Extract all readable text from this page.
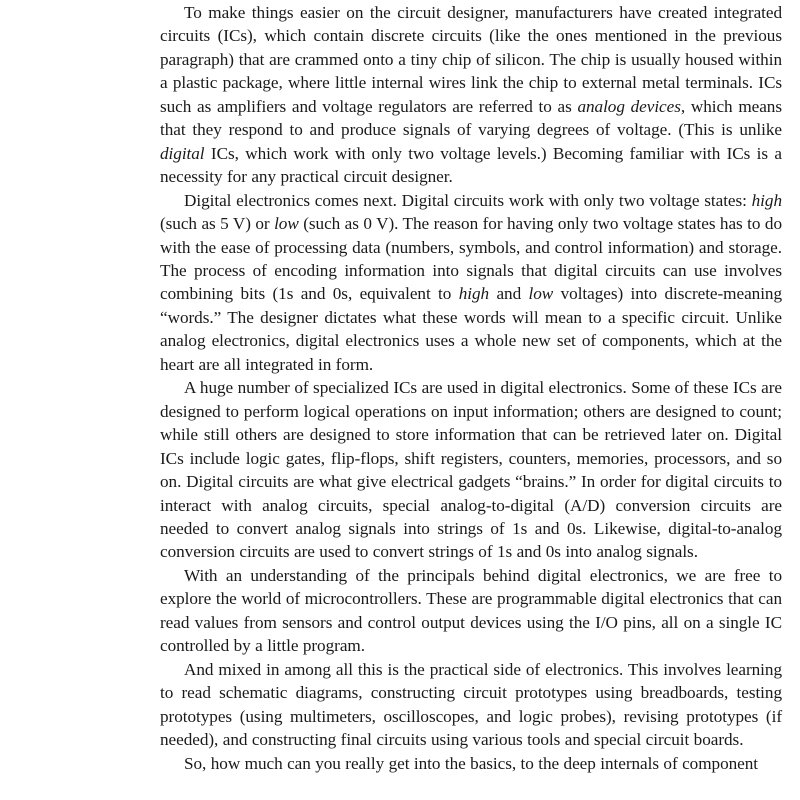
To make things easier on the circuit designer, manufacturers have created integrated circuits (ICs), which contain discrete circuits (like the ones mentioned in the previous paragraph) that are crammed onto a tiny chip of silicon. The chip is usually housed within a plastic package, where little internal wires link the chip to external metal terminals. ICs such as amplifiers and voltage regulators are referred to as analog devices, which means that they respond to and produce signals of varying degrees of voltage. (This is unlike digital ICs, which work with only two voltage levels.) Becoming familiar with ICs is a necessity for any practical circuit designer.

Digital electronics comes next. Digital circuits work with only two voltage states: high (such as 5 V) or low (such as 0 V). The reason for having only two voltage states has to do with the ease of processing data (numbers, symbols, and control information) and storage. The process of encoding information into signals that digital circuits can use involves combining bits (1s and 0s, equivalent to high and low voltages) into discrete-meaning “words.” The designer dictates what these words will mean to a specific circuit. Unlike analog electronics, digital electronics uses a whole new set of components, which at the heart are all integrated in form.

A huge number of specialized ICs are used in digital electronics. Some of these ICs are designed to perform logical operations on input information; others are designed to count; while still others are designed to store information that can be retrieved later on. Digital ICs include logic gates, flip-flops, shift registers, counters, memories, processors, and so on. Digital circuits are what give electrical gadgets “brains.” In order for digital circuits to interact with analog circuits, special analog-to-digital (A/D) conversion circuits are needed to convert analog signals into strings of 1s and 0s. Likewise, digital-to-analog conversion circuits are used to convert strings of 1s and 0s into analog signals.

With an understanding of the principals behind digital electronics, we are free to explore the world of microcontrollers. These are programmable digital electronics that can read values from sensors and control output devices using the I/O pins, all on a single IC controlled by a little program.

And mixed in among all this is the practical side of electronics. This involves learning to read schematic diagrams, constructing circuit prototypes using breadboards, testing prototypes (using multimeters, oscilloscopes, and logic probes), revising prototypes (if needed), and constructing final circuits using various tools and special circuit boards.

So, how much can you really get into the basics, to the deep internals of component
